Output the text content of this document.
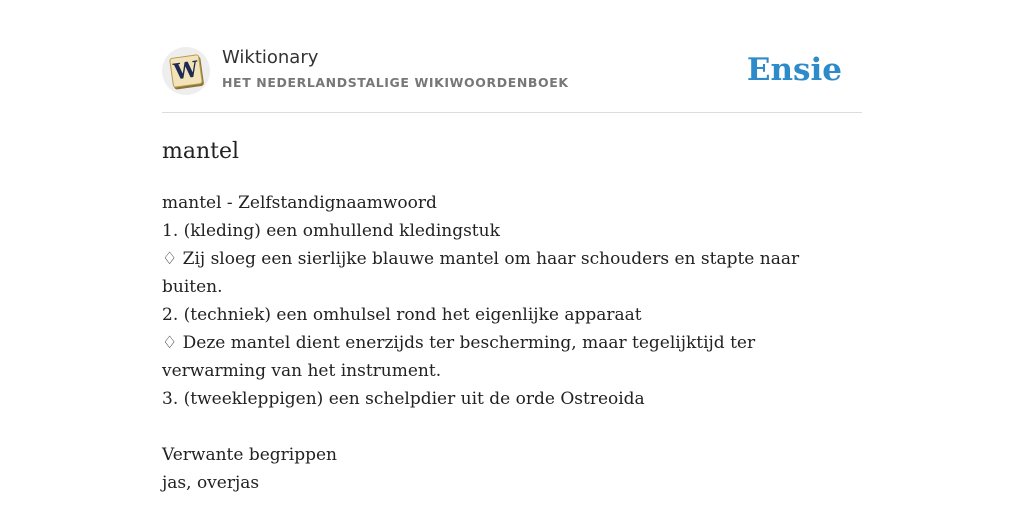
W Wiktionary
HET NEDERLANDSTALIGE WIKIWOORDENBOEK	Ensie
mantel
mantel - Zelfstandignaamwoord
1. (kleding) een omhullend kledingstuk
♢ Zij sloeg een sierlijke blauwe mantel om haar schouders en stapte naar buiten.
2. (techniek) een omhulsel rond het eigenlijke apparaat
♢ Deze mantel dient enerzijds ter bescherming, maar tegelijktijd ter verwarming van het instrument.
3. (tweekleppigen) een schelpdier uit de orde Ostreoida
Verwante begrippen
jas, overjas
